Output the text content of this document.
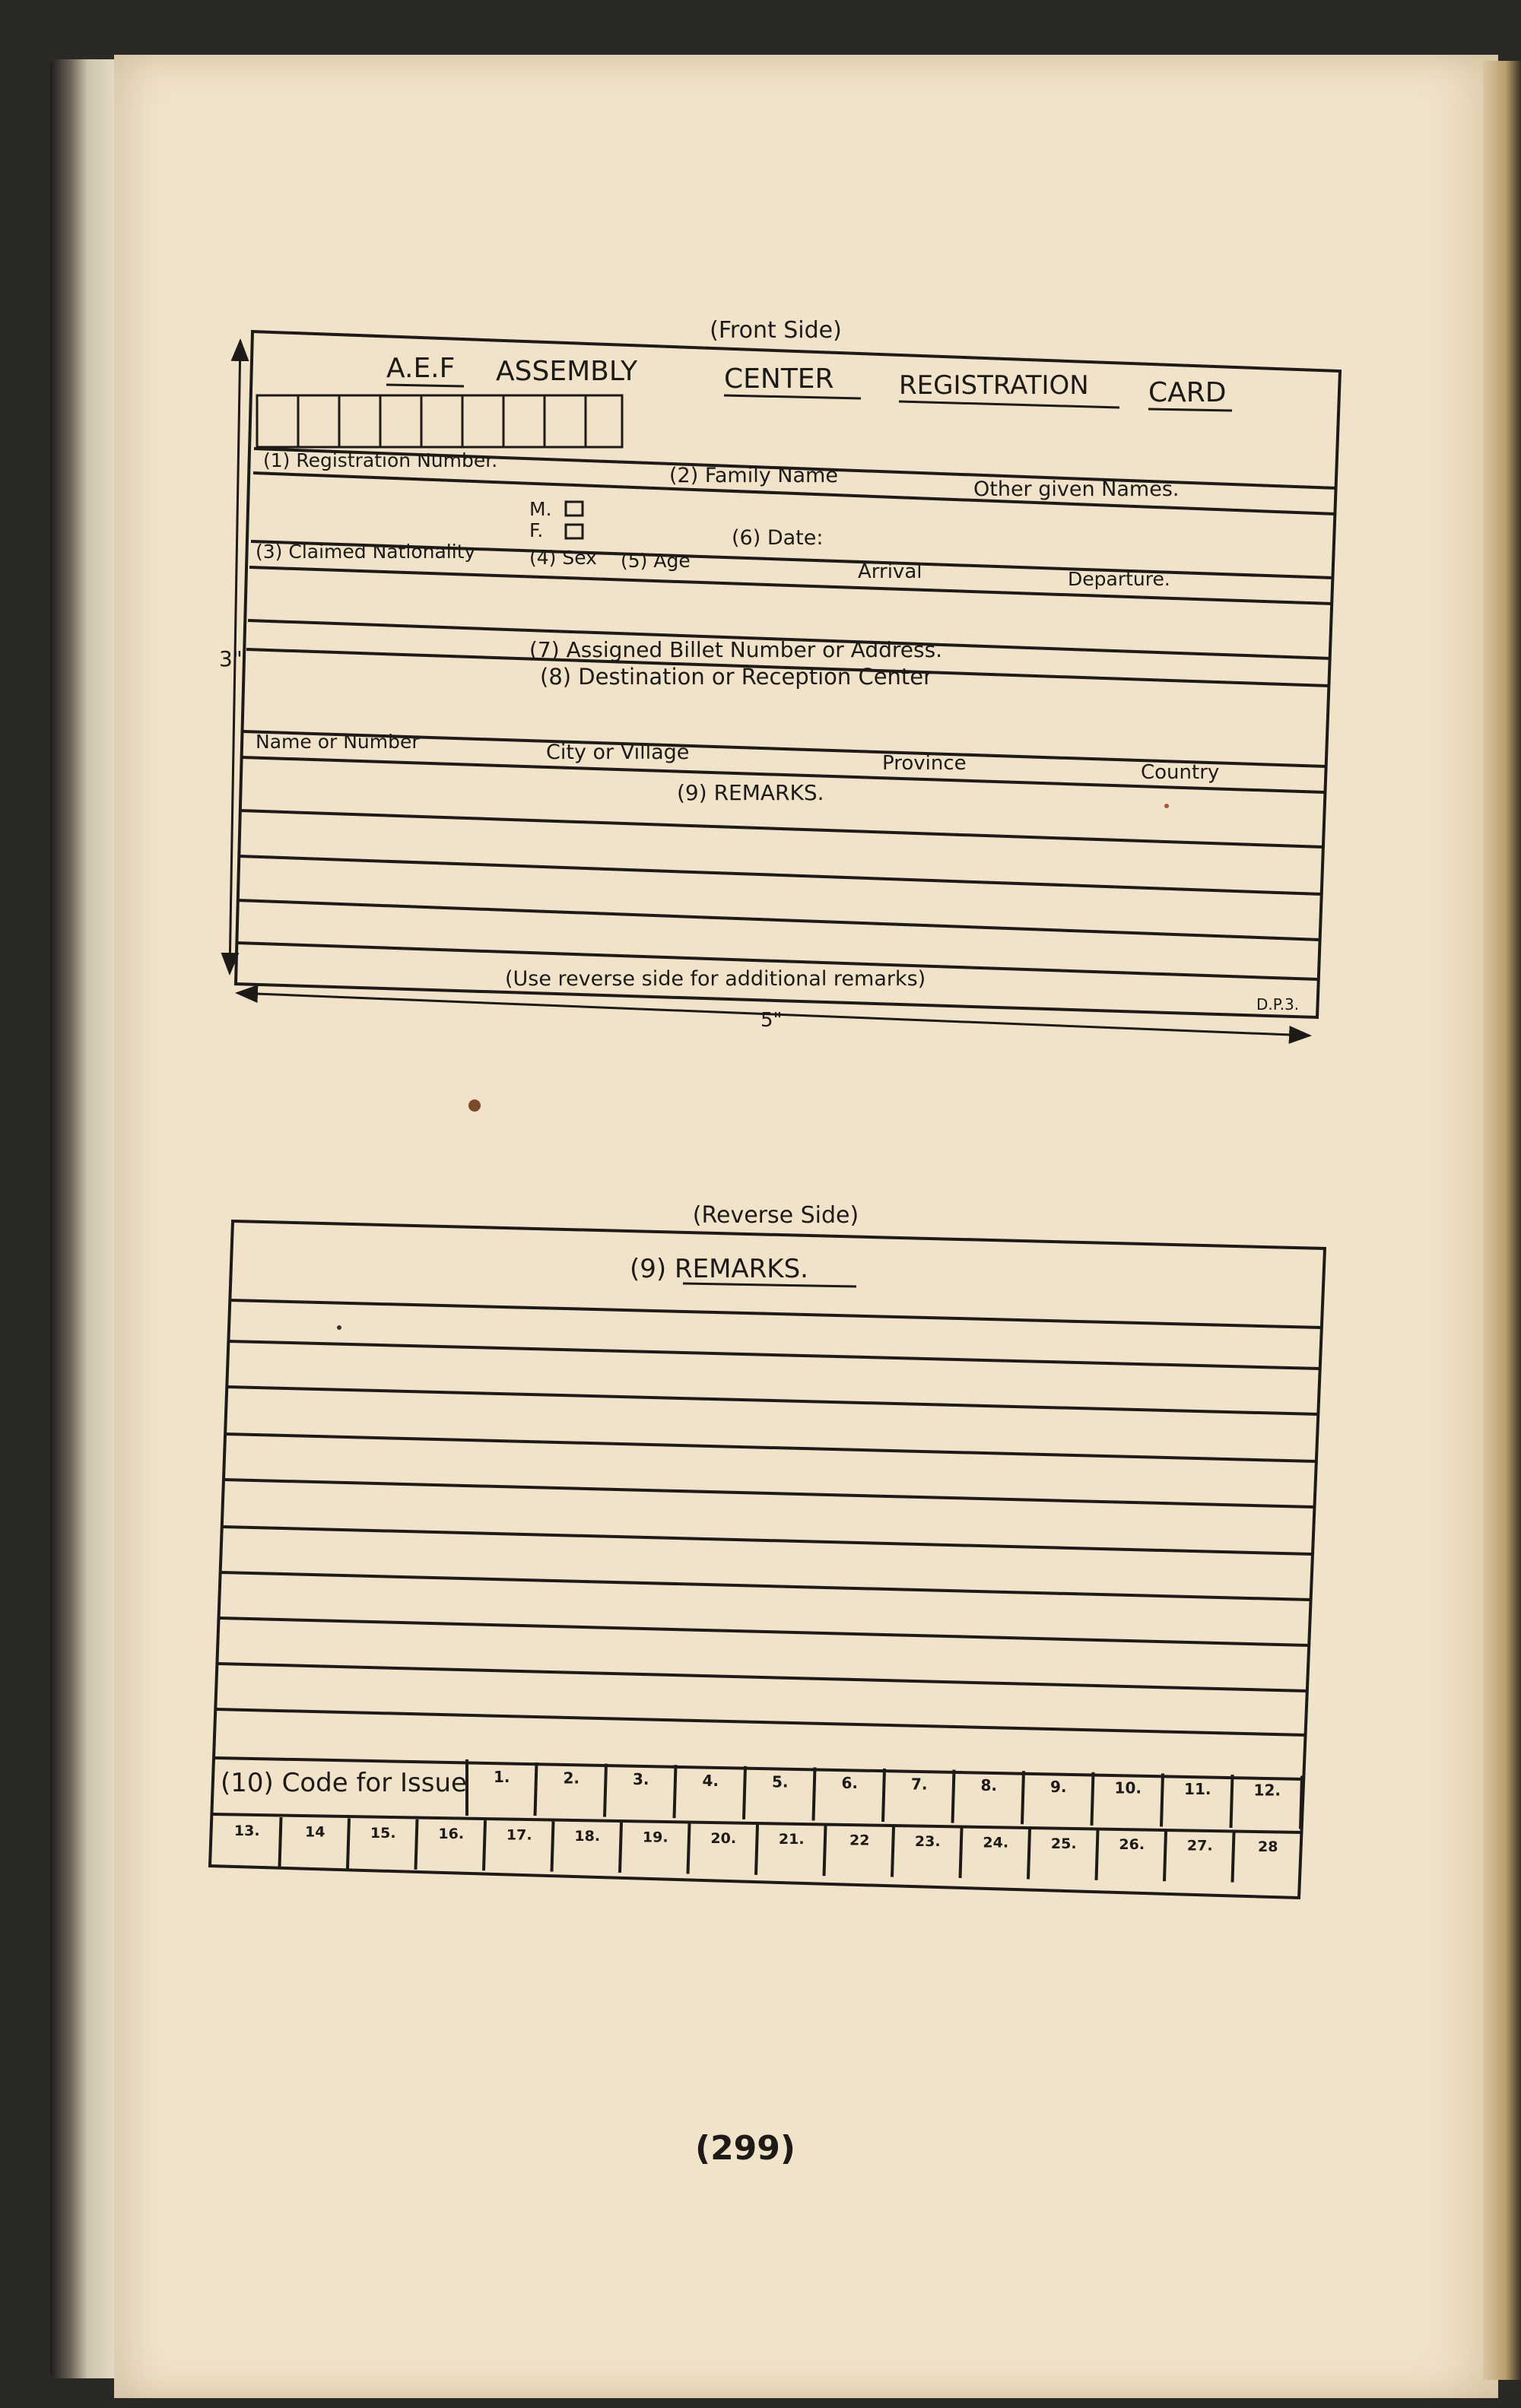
(Front Side)
A.E.F ASSEMBLY	CENTER	REGISTRATION CARD
(1) Registration Number.
(2) Family Name
Other given Names.
M.
F.	(6) Date:
(3) Claimed Nationality	(4) Sex (5) Age	Arrival	Departure.
(7) Assigned Billet Number or Address.
(8) Destination or Reception Center
Name or Number	City or Village	Province	Country
(9) REMARKS.
(Use reverse side for additional remarks)
D.P.3.
3"
5"
(Reverse Side)
(9) REMARKS.
(10) Code for Issue 1.	2.	3.	4.	5.	6.	7.	8.	9.	10.	11.	12.
13.	14	15.	16.	17.	18.	19.	20.	21.	22	23.	24.	25.	26.	27.	28
(299)
